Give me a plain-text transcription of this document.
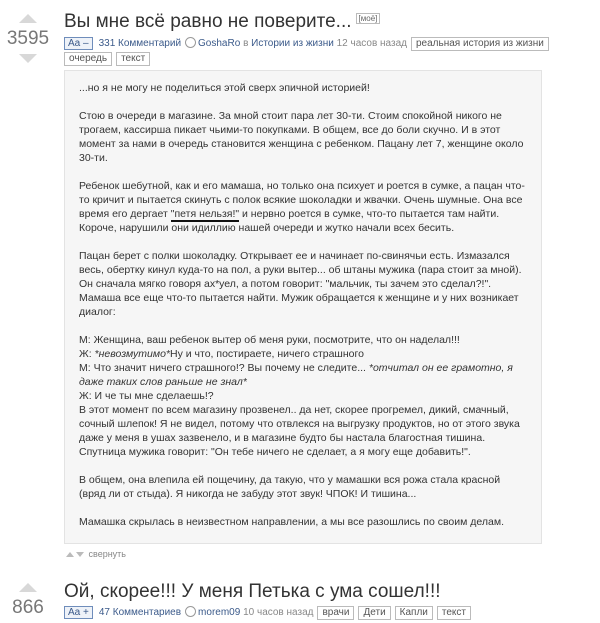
3595
Вы мне всё равно не поверите... [моё]
Aa – 331 Комментарий GoshaRo в Истории из жизни 12 часов назад реальная история из жизни
очередь текст

...но я не могу не поделиться этой сверх эпичной историей!

Стою в очереди в магазине. За мной стоит пара лет 30-ти. Стоим спокойной никого не трогаем, кассирша пикает чьими-то покупками. В общем, все до боли скучно. И в этот момент за нами в очередь становится женщина с ребенком. Пацану лет 7, женщине около 30-ти.

Ребенок шебутной, как и его мамаша, но только она психует и роется в сумке, а пацан что-то кричит и пытается скинуть с полок всякие шоколадки и жвачки. Очень шумные. Она все время его дергает "петя нельзя!" и нервно роется в сумке, что-то пытается там найти. Короче, нарушили они идиллию нашей очереди и жутко начали всех бесить.

Пацан берет с полки шоколадку. Открывает ее и начинает по-свинячьи есть. Измазался весь, обертку кинул куда-то на пол, а руки вытер... об штаны мужика (пара стоит за мной). Он сначала мягко говоря ах*уел, а потом говорит: "мальчик, ты зачем это сделал?!". Мамаша все еще что-то пытается найти. Мужик обращается к женщине и у них возникает диалог:

М: Женщина, ваш ребенок вытер об меня руки, посмотрите, что он наделал!!!

Ж: *невозмутимо*Ну и что, постираете, ничего страшного

М: Что значит ничего страшного!? Вы почему не следите... *отчитал он ее грамотно, я даже таких слов раньше не знал*

Ж: И че ты мне сделаешь!?

В этот момент по всем магазину прозвенел.. да нет, скорее прогремел, дикий, смачный, сочный шлепок! Я не видел, потому что отвлекся на выгрузку продуктов, но от этого звука даже у меня в ушах зазвенело, и в магазине будто бы настала благостная тишина. Спутница мужика говорит: "Он тебе ничего не сделает, а я могу еще добавить!".

В общем, она влепила ей пощечину, да такую, что у мамашки вся рожа стала красной (вряд ли от стыда). Я никогда не забуду этот звук! ЧПОК! И тишина...

Мамашка скрылась в неизвестном направлении, а мы все разошлись по своим делам.

свернуть
866
Ой, скорее!!! У меня Петька с ума сошел!!!
Aa + 47 Комментариев morem09 10 часов назад врачи Дети Капли текст
